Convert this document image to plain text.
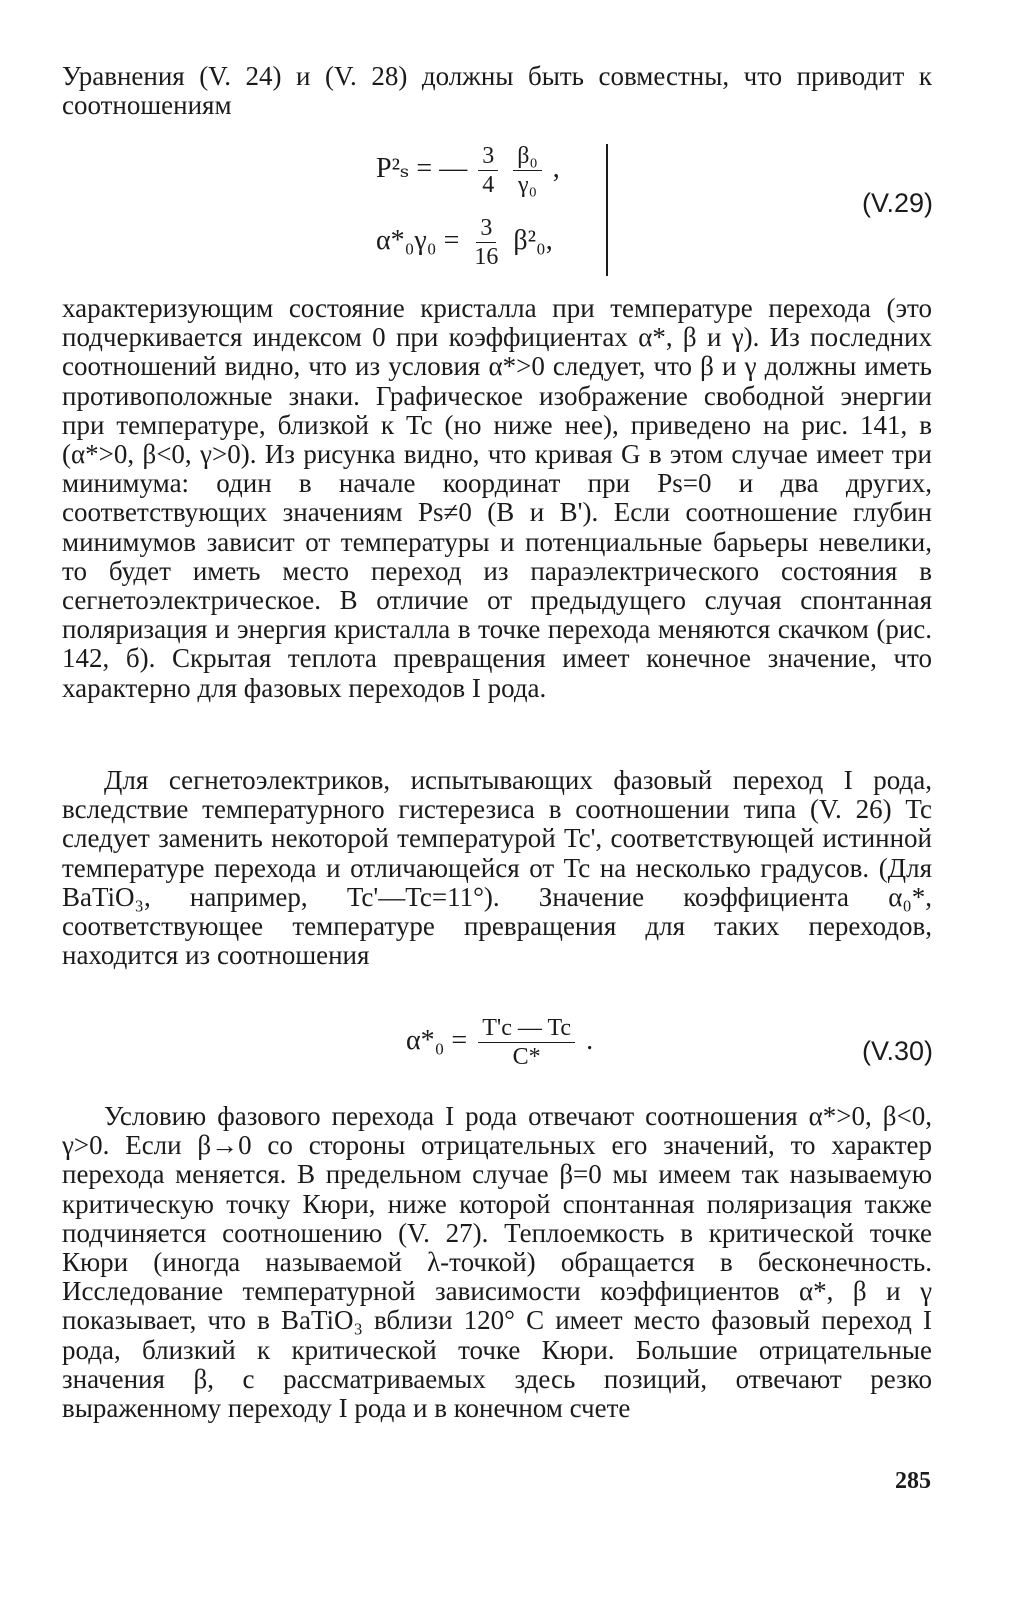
Уравнения (V. 24) и (V. 28) должны быть совместны, что приводит к соотношениям

P²ₛ = — $\frac{3}{4}$
$\frac{\text{β₀}}{\text{γ₀}}$ ,
$\alpha*_0\gamma_0 = \frac{3}{16} \beta^2_0$,
(V.29)

характеризующим состояние кристалла при температуре перехода (это подчеркивается индексом 0 при коэффициентах α*, β и γ). Из последних соотношений видно, что из условия α*>0 следует, что β и γ должны иметь противоположные знаки. Графическое изображение свободной энергии при температуре, близкой к Tc (но ниже нее), приведено на рис. 141, в (α*>0, β<0, γ>0). Из рисунка видно, что кривая G в этом случае имеет три минимума: один в начале координат при Ps=0 и два других, соответствующих значениям Ps≠0 (B и B'). Если соотношение глубин минимумов зависит от температуры и потенциальные барьеры невелики, то будет иметь место переход из параэлектрического состояния в сегнетоэлектрическое. В отличие от предыдущего случая спонтанная поляризация и энергия кристалла в точке перехода меняются скачком (рис. 142, б). Скрытая теплота превращения имеет конечное значение, что характерно для фазовых переходов I рода.

Для сегнетоэлектриков, испытывающих фазовый переход I рода, вследствие температурного гистерезиса в соотношении типа (V. 26) Tc следует заменить некоторой температурой Tc', соответствующей истинной температуре перехода и отличающейся от Tc на несколько градусов. (Для BaTiO₃, например, Tc'—Tc=11°). Значение коэффициента α₀*, соответствующее температуре превращения для таких переходов, находится из соотношения

$\alpha*_0 = \frac{T'c — Tc}{C*}$ .	(V.30)

Условию фазового перехода I рода отвечают соотношения α*>0, β<0, γ>0. Если β→0 со стороны отрицательных его значений, то характер перехода меняется. В предельном случае β=0 мы имеем так называемую критическую точку Кюри, ниже которой спонтанная поляризация также подчиняется соотношению (V. 27). Теплоемкость в критической точке Кюри (иногда называемой λ-точкой) обращается в бесконечность. Исследование температурной зависимости коэффициентов α*, β и γ показывает, что в BaTiO₃ вблизи 120° C имеет место фазовый переход I рода, близкий к критической точке Кюри. Большие отрицательные значения β, с рассматриваемых здесь позиций, отвечают резко выраженному переходу I рода и в конечном счете

285
